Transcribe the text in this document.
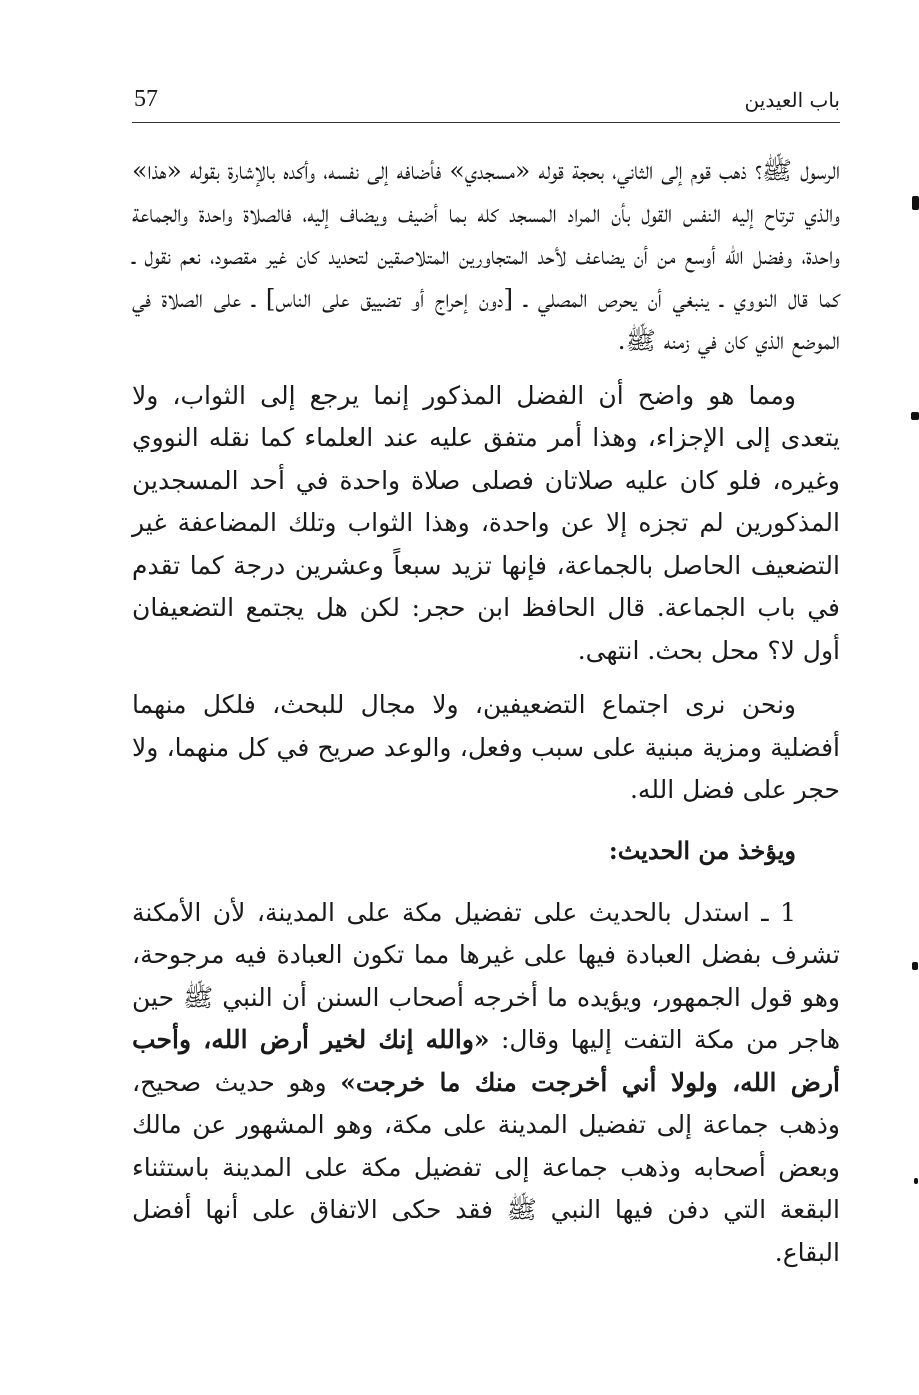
57	باب العيدين

الرسول ﷺ؟ ذهب قوم إلى الثاني، بحجة قوله «مسجدي» فأضافه إلى نفسه، وأكده بالإشارة بقوله «هذا» والذي ترتاح إليه النفس القول بأن المراد المسجد كله بما أضيف ويضاف إليه، فالصلاة واحدة والجماعة واحدة، وفضل الله أوسع من أن يضاعف لأحد المتجاورين المتلاصقين لتحديد كان غير مقصود، نعم نقول ـ كما قال النووي ـ ينبغي أن يحرص المصلي ـ [دون إحراج أو تضييق على الناس] ـ على الصلاة في الموضع الذي كان في زمنه ﷺ.

ومما هو واضح أن الفضل المذكور إنما يرجع إلى الثواب، ولا يتعدى إلى الإجزاء، وهذا أمر متفق عليه عند العلماء كما نقله النووي وغيره، فلو كان عليه صلاتان فصلى صلاة واحدة في أحد المسجدين المذكورين لم تجزه إلا عن واحدة، وهذا الثواب وتلك المضاعفة غير التضعيف الحاصل بالجماعة، فإنها تزيد سبعاً وعشرين درجة كما تقدم في باب الجماعة. قال الحافظ ابن حجر: لكن هل يجتمع التضعيفان أول لا؟ محل بحث. انتهى.

ونحن نرى اجتماع التضعيفين، ولا مجال للبحث، فلكل منهما أفضلية ومزية مبنية على سبب وفعل، والوعد صريح في كل منهما، ولا حجر على فضل الله.

ويؤخذ من الحديث:

1 ـ استدل بالحديث على تفضيل مكة على المدينة، لأن الأمكنة تشرف بفضل العبادة فيها على غيرها مما تكون العبادة فيه مرجوحة، وهو قول الجمهور، ويؤيده ما أخرجه أصحاب السنن أن النبي ﷺ حين هاجر من مكة التفت إليها وقال: «والله إنك لخير أرض الله، وأحب أرض الله، ولولا أني أخرجت منك ما خرجت» وهو حديث صحيح، وذهب جماعة إلى تفضيل المدينة على مكة، وهو المشهور عن مالك وبعض أصحابه وذهب جماعة إلى تفضيل مكة على المدينة باستثناء البقعة التي دفن فيها النبي ﷺ فقد حكى الاتفاق على أنها أفضل البقاع.
